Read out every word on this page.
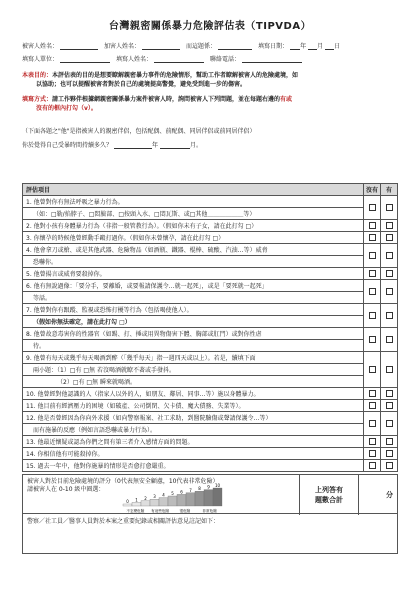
台灣親密關係暴力危險評估表（TIPVDA）
被害人姓名：	加害人姓名：	而這題係：	填寫日期： 年 月 日
填寫人單位：	填寫人姓名：	聯絡電話：
本表目的：本評估表的目的是想要瞭解親密暴力事件的危險情形，幫助工作者瞭解被害人的危險處境，如
以協助；也可以提醒被害者對於自己的處境提高警覺，避免受到進一步的傷害。
填寫方式：請工作夥伴根據網親密關係暴力案件被害人時，詢問被害人下列問題，並在每題右邊的有或
沒有的框內打勾（v）。
（下面各題之"他"是指被害人的親密伴侶，包括配偶、前配偶、同居伴侶或前同居伴侶）
你於覺得自己受暴時間持續多久？	年	月。
評估項目	沒有	有
1. 他曾對你有無法呼吸之暴力行為。		
（如：□勒/掐脖子、□悶臉部、□按頭入水、□悶瓦斯、或□其他＿＿＿＿＿＿等）		
2. 他對小孩有身體暴力行為（非指一般管教行為）。（假如你未有子女，請在此打勾 □）		
3. 你懷孕的時候他曾經動手毆打過你。（假如你未曾懷孕，請在此打勾 □）		
4. 他會拿刀或槍、或是其他武器、危險物品（如酒瓶、鐵器、棍棒、硫酸、汽油…等）威脅		
恐嚇你。		
5. 他曾揚言或威脅要殺掉你。		
6. 他有無說過像：「要分手，要離婚，或要報請保護令…就一起死」，或是「要死就一起死」		
等話。		
7. 他曾對你有跟蹤、監視或恐怖打擾等行為（包括喝使他人）。		
（假如你無法確定，請在此打勾 □）		
8. 他曾故意毒害你的性器官（如踢、打、捶或用異物傷害下體、胸部或肛門）或對你性虐		
待。		
9. 他曾有每天或幾乎每天喝酒到醉（「幾乎每天」指一週四天或以上）。若是，續填下面		
兩小題：（1）□有 □無 若沒喝酒就瞭不著或手發抖。		
（2）□有 □無 瞬來就喝酒。		
10. 他曾經對他認識的人（指家人以外的人，如朋友、鄰居、同事…等）施以身體暴力。		
11. 他目前有經濟壓力的困境（如破產、公司倒閉、欠卡債、魔大債務、失業等）。		
12. 他是否曾經因為你向外求援（如向警察報案、社工求助，到醫院驗傷或聲請保護令…等）		
而有施暴的反應（例如言語恐嚇或暴力行為）。		
13. 他最近懷疑或認為你們之間有第三者介入感情方面的問題。		
14. 你相信他有可能殺掉你。		
15. 過去一年中，他對你施暴的情形是否愈打愈嚴重。		
被害人對於目前危險處境的評分（0代表無安全顧慮，10代表非常危險）
請被害人在 0-10 級中圈選：
0 1 2 3 4 5 6 7 8 9 10
不怎麼危險 有這些危險	很危險	非常危險
上列答有
題數合計
分
警察／社工員／醫事人員對於本案之重要紀錄或相關評估意見註記如下：
